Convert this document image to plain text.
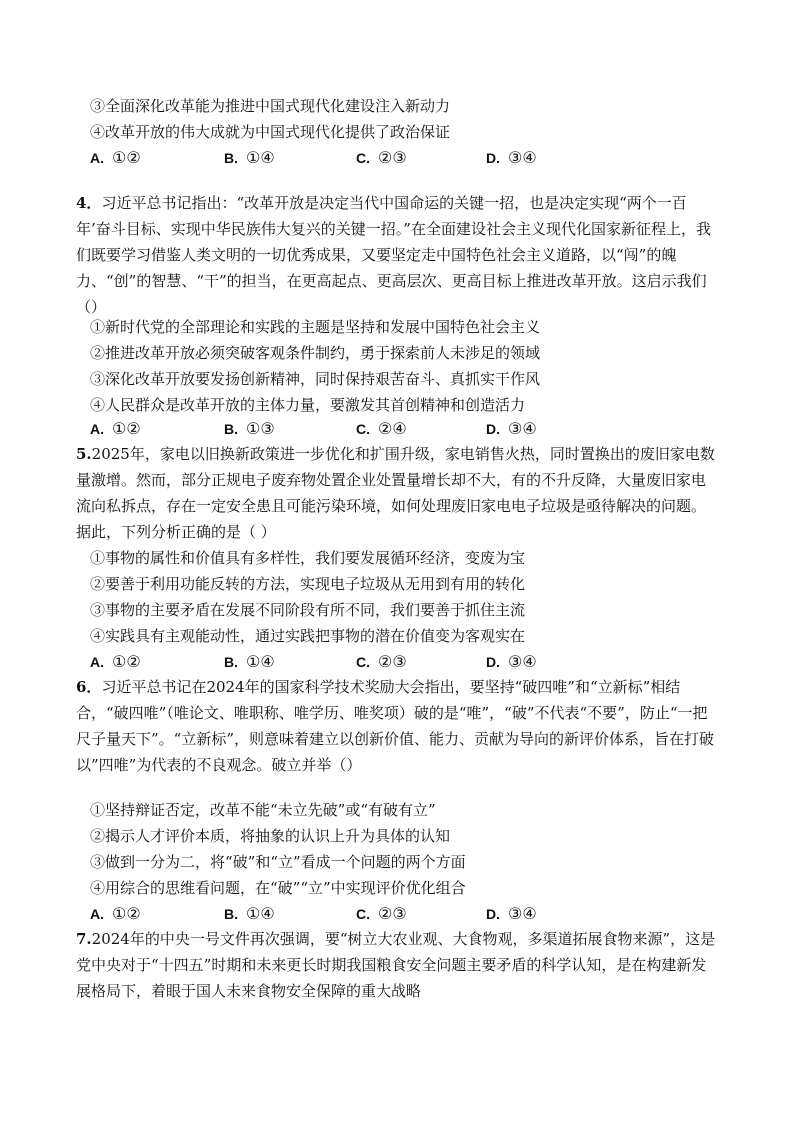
③全面深化改革能为推进中国式现代化建设注入新动力
④改革开放的伟大成就为中国式现代化提供了政治保证
A. ①②	B. ①④	C. ②③	D. ③④
4．习近平总书记指出：“改革开放是决定当代中国命运的关键一招，也是决定实现“两个一百年’奋斗目标、实现中华民族伟大复兴的关键一招。”在全面建设社会主义现代化国家新征程上，我们既要学习借鉴人类文明的一切优秀成果，又要坚定走中国特色社会主义道路，以“闯”的魄力、“创”的智慧、“干”的担当，在更高起点、更高层次、更高目标上推进改革开放。这启示我们（）
①新时代党的全部理论和实践的主题是坚持和发展中国特色社会主义
②推进改革开放必须突破客观条件制约，勇于探索前人未涉足的领域
③深化改革开放要发扬创新精神，同时保持艰苦奋斗、真抓实干作风
④人民群众是改革开放的主体力量，要激发其首创精神和创造活力
A. ①②	B. ①③	C. ②④	D. ③④
5.2025年，家电以旧换新政策进一步优化和扩围升级，家电销售火热，同时置换出的废旧家电数量激增。然而，部分正规电子废弃物处置企业处置量增长却不大，有的不升反降，大量废旧家电流向私拆点，存在一定安全患且可能污染环境，如何处理废旧家电电子垃圾是亟待解决的问题。据此，下列分析正确的是（ ）
①事物的属性和价值具有多样性，我们要发展循环经济，变废为宝
②要善于利用功能反转的方法，实现电子垃圾从无用到有用的转化
③事物的主要矛盾在发展不同阶段有所不同，我们要善于抓住主流
④实践具有主观能动性，通过实践把事物的潜在价值变为客观实在
A. ①②	B. ①④	C. ②③	D. ③④
6．习近平总书记在2024年的国家科学技术奖励大会指出，要坚持“破四唯”和“立新标”相结合，“破四唯”（唯论文、唯职称、唯学历、唯奖项）破的是“唯”，“破”不代表“不要”，防止“一把尺子量天下”。“立新标”，则意味着建立以创新价值、能力、贡献为导向的新评价体系，旨在打破以”四唯”为代表的不良观念。破立并举（）
①坚持辩证否定，改革不能“未立先破”或“有破有立”
②揭示人才评价本质，将抽象的认识上升为具体的认知
③做到一分为二，将“破”和“立”看成一个问题的两个方面
④用综合的思维看问题，在“破”“立”中实现评价优化组合
A. ①②	B. ①④	C. ②③	D. ③④
7.2024年的中央一号文件再次强调，要“树立大农业观、大食物观，多渠道拓展食物来源”，这是党中央对于“十四五”时期和未来更长时期我国粮食安全问题主要矛盾的科学认知，是在构建新发展格局下，着眼于国人未来食物安全保障的重大战略
